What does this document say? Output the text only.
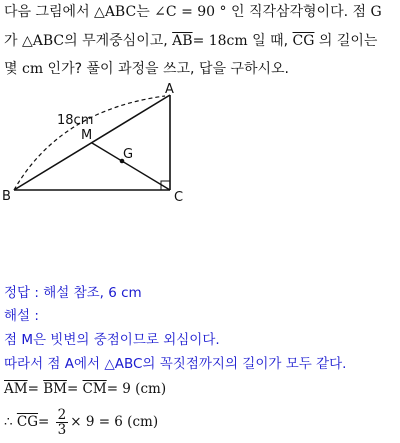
다음 그림에서 △ABC는 ∠C = 90 ° 인 직각삼각형이다. 점 G
가 △ABC의 무게중심이고, $\overline{AB}= 18cm$ 일 때, $\overline{CG}$ 의 길이는
몇 cm 인가? 풀이 과정을 쓰고, 답을 구하시오.
A
B	C
M
G
18cm
정답 : 해설 참조, 6 cm
해설 :
점 M은 빗변의 중점이므로 외심이다.
따라서 점 A에서 △ABC의 꼭짓점까지의 길이가 모두 같다.
$\overline{AM}= \overline{BM}= \overline{CM}= 9$ (cm)
∴ $\overline{CG}= \frac{2}{3} \times 9 = 6$ (cm)
